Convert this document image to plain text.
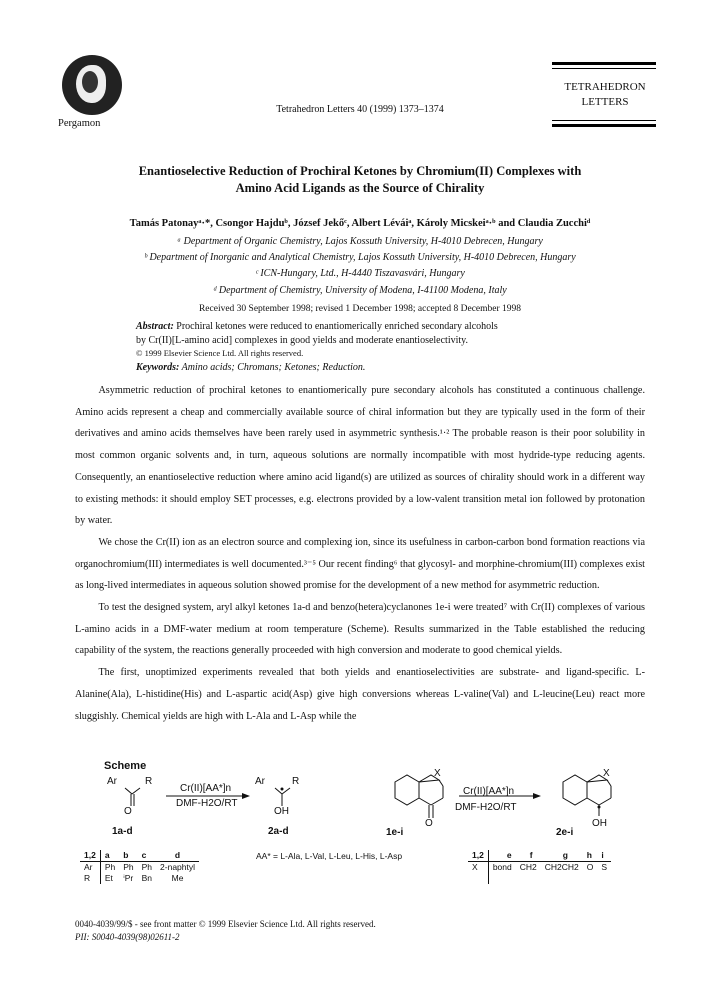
Pergamon
Tetrahedron Letters 40 (1999) 1373–1374
TETRAHEDRON
LETTERS
Enantioselective Reduction of Prochiral Ketones by Chromium(II) Complexes with
Amino Acid Ligands as the Source of Chirality
Tamás Patonayᵃ·*, Csongor Hajduᵇ, József Jekőᶜ, Albert Léváiᵃ, Károly Micskeiᵃ·ᵇ and Claudia Zucchiᵈ
ᵃ Department of Organic Chemistry, Lajos Kossuth University, H-4010 Debrecen, Hungary
ᵇ Department of Inorganic and Analytical Chemistry, Lajos Kossuth University, H-4010 Debrecen, Hungary
ᶜ ICN-Hungary, Ltd., H-4440 Tiszavasvári, Hungary
ᵈ Department of Chemistry, University of Modena, I-41100 Modena, Italy
Received 30 September 1998; revised 1 December 1998; accepted 8 December 1998
Abstract: Prochiral ketones were reduced to enantiomerically enriched secondary alcohols
by Cr(II)[L-amino acid] complexes in good yields and moderate enantioselectivity.
© 1999 Elsevier Science Ltd. All rights reserved.
Keywords: Amino acids; Chromans; Ketones; Reduction.

Asymmetric reduction of prochiral ketones to enantiomerically pure secondary alcohols has constituted a continuous challenge. Amino acids represent a cheap and commercially available source of chiral information but they are typically used in the form of their derivatives and amino acids themselves have been rarely used in asymmetric synthesis.¹·² The probable reason is their poor solubility in most common organic solvents and, in turn, aqueous solutions are normally incompatible with most hydride-type reducing agents. Consequently, an enantioselective reduction where amino acid ligand(s) are utilized as sources of chirality should work in a different way to existing methods: it should employ SET processes, e.g. electrons provided by a low-valent transition metal ion followed by protonation by water.

We chose the Cr(II) ion as an electron source and complexing ion, since its usefulness in carbon-carbon bond formation reactions via organochromium(III) intermediates is well documented.³⁻⁵ Our recent finding⁶ that glycosyl- and morphine-chromium(III) complexes exist as long-lived intermediates in aqueous solution showed promise for the development of a new method for asymmetric reduction.

To test the designed system, aryl alkyl ketones 1a-d and benzo(hetera)cyclanones 1e-i were treated⁷ with Cr(II) complexes of various L-amino acids in a DMF-water medium at room temperature (Scheme). Results summarized in the Table established the reducing capability of the system, the reactions generally proceeded with high conversion and moderate to good chemical yields.

The first, unoptimized experiments revealed that both yields and enantioselectivities are substrate- and ligand-specific. L-Alanine(Ala), L-histidine(His) and L-aspartic acid(Asp) give high conversions whereas L-valine(Val) and L-leucine(Leu) react more sluggishly. Chemical yields are high with L-Ala and L-Asp while the

Scheme
Ar	R
O
Cr(II)[AA*]n
DMF-H2O/RT
Ar	R
OH
1a-d	2a-d
X	X
Cr(II)[AA*]n
DMF-H2O/RT
O	OH
1e-i	2e-i
1,2	a	b	c	d
Ar	Ph	Ph	Ph	2-naphtyl
R	Et	ⁱPr	Bn	Me
AA* = L-Ala, L-Val, L-Leu, L-His, L-Asp	1,2	e	f	g	h	i
X	bond	CH2	CH2CH2	O	S

0040-4039/99/$ - see front matter © 1999 Elsevier Science Ltd. All rights reserved.
PII: S0040-4039(98)02611-2
